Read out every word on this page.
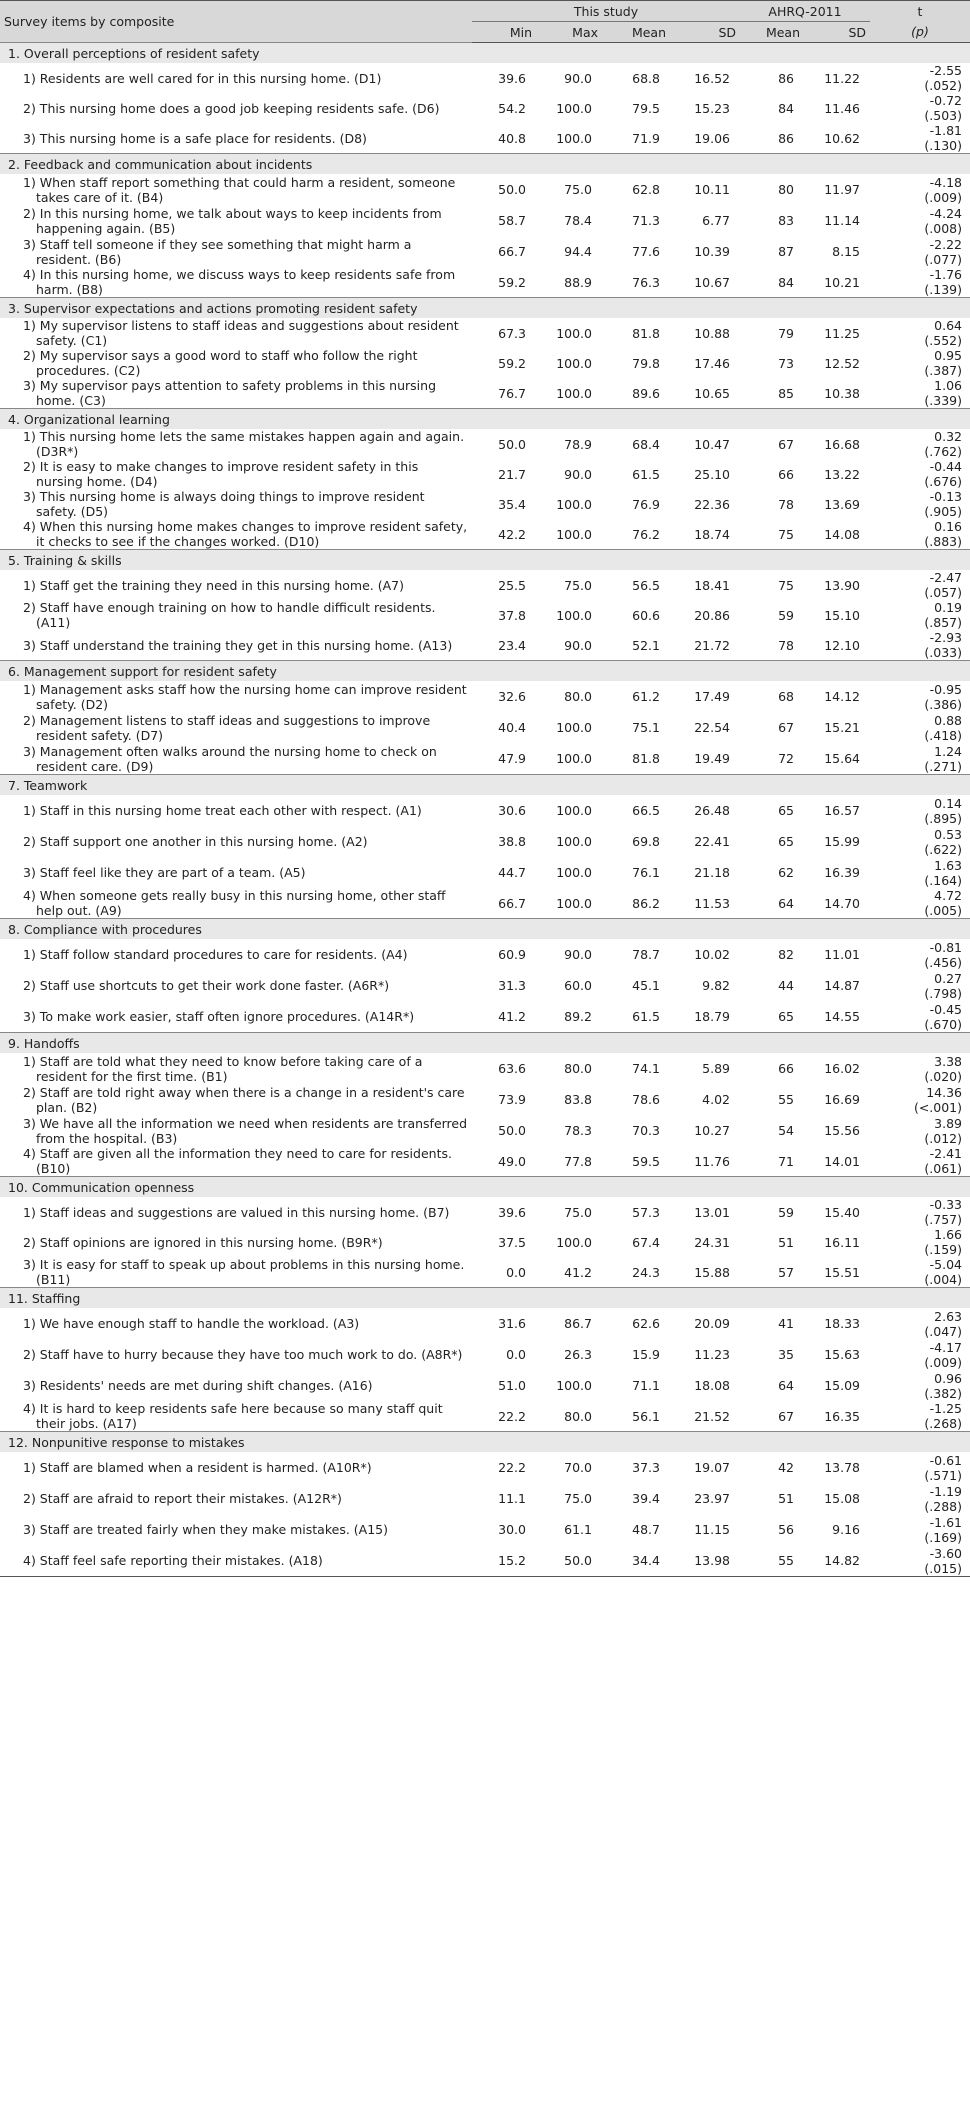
Survey items by composite	This study				AHRQ-2011		t
	Min	Max	Mean	SD	Mean	SD	(p)
1. Overall perceptions of resident safety							
1) Residents are well cared for in this nursing home. (D1)	39.6	90.0	68.8	16.52	86	11.22	-2.55
(.052)

2) This nursing home does a good job keeping residents safe. (D6)	54.2	100.0	79.5	15.23	84	11.46	-0.72
(.503)

3) This nursing home is a safe place for residents. (D8)	40.8	100.0	71.9	19.06	86	10.62	-1.81
(.130)

2. Feedback and communication about incidents							
1) When staff report something that could harm a resident, someone takes care of it. (B4)	50.0	75.0	62.8	10.11	80	11.97	-4.18
(.009)

2) In this nursing home, we talk about ways to keep incidents from happening again. (B5)	58.7	78.4	71.3	6.77	83	11.14	-4.24
(.008)

3) Staff tell someone if they see something that might harm a resident. (B6)	66.7	94.4	77.6	10.39	87	8.15	-2.22
(.077)

4) In this nursing home, we discuss ways to keep residents safe from harm. (B8)	59.2	88.9	76.3	10.67	84	10.21	-1.76
(.139)

3. Supervisor expectations and actions promoting resident safety							
1) My supervisor listens to staff ideas and suggestions about resident safety. (C1)	67.3	100.0	81.8	10.88	79	11.25	0.64
(.552)

2) My supervisor says a good word to staff who follow the right procedures. (C2)	59.2	100.0	79.8	17.46	73	12.52	0.95
(.387)

3) My supervisor pays attention to safety problems in this nursing home. (C3)	76.7	100.0	89.6	10.65	85	10.38	1.06
(.339)

4. Organizational learning							
1) This nursing home lets the same mistakes happen again and again. (D3R*)	50.0	78.9	68.4	10.47	67	16.68	0.32
(.762)

2) It is easy to make changes to improve resident safety in this nursing home. (D4)	21.7	90.0	61.5	25.10	66	13.22	-0.44
(.676)

3) This nursing home is always doing things to improve resident safety. (D5)	35.4	100.0	76.9	22.36	78	13.69	-0.13
(.905)

4) When this nursing home makes changes to improve resident safety, it checks to see if the changes worked. (D10)	42.2	100.0	76.2	18.74	75	14.08	0.16
(.883)

5. Training & skills							
1) Staff get the training they need in this nursing home. (A7)	25.5	75.0	56.5	18.41	75	13.90	-2.47
(.057)

2) Staff have enough training on how to handle difficult residents. (A11)	37.8	100.0	60.6	20.86	59	15.10	0.19
(.857)

3) Staff understand the training they get in this nursing home. (A13)	23.4	90.0	52.1	21.72	78	12.10	-2.93
(.033)

6. Management support for resident safety							
1) Management asks staff how the nursing home can improve resident safety. (D2)	32.6	80.0	61.2	17.49	68	14.12	-0.95
(.386)

2) Management listens to staff ideas and suggestions to improve resident safety. (D7)	40.4	100.0	75.1	22.54	67	15.21	0.88
(.418)

3) Management often walks around the nursing home to check on resident care. (D9)	47.9	100.0	81.8	19.49	72	15.64	1.24
(.271)

7. Teamwork							
1) Staff in this nursing home treat each other with respect. (A1)	30.6	100.0	66.5	26.48	65	16.57	0.14
(.895)

2) Staff support one another in this nursing home. (A2)	38.8	100.0	69.8	22.41	65	15.99	0.53
(.622)

3) Staff feel like they are part of a team. (A5)	44.7	100.0	76.1	21.18	62	16.39	1.63
(.164)

4) When someone gets really busy in this nursing home, other staff help out. (A9)	66.7	100.0	86.2	11.53	64	14.70	4.72
(.005)

8. Compliance with procedures							
1) Staff follow standard procedures to care for residents. (A4)	60.9	90.0	78.7	10.02	82	11.01	-0.81
(.456)

2) Staff use shortcuts to get their work done faster. (A6R*)	31.3	60.0	45.1	9.82	44	14.87	0.27
(.798)

3) To make work easier, staff often ignore procedures. (A14R*)	41.2	89.2	61.5	18.79	65	14.55	-0.45
(.670)

9. Handoffs							
1) Staff are told what they need to know before taking care of a resident for the first time. (B1)	63.6	80.0	74.1	5.89	66	16.02	3.38
(.020)

2) Staff are told right away when there is a change in a resident's care plan. (B2)	73.9	83.8	78.6	4.02	55	16.69	14.36
(<.001)

3) We have all the information we need when residents are transferred from the hospital. (B3)	50.0	78.3	70.3	10.27	54	15.56	3.89
(.012)

4) Staff are given all the information they need to care for residents. (B10)	49.0	77.8	59.5	11.76	71	14.01	-2.41
(.061)

10. Communication openness							
1) Staff ideas and suggestions are valued in this nursing home. (B7)	39.6	75.0	57.3	13.01	59	15.40	-0.33
(.757)

2) Staff opinions are ignored in this nursing home. (B9R*)	37.5	100.0	67.4	24.31	51	16.11	1.66
(.159)

3) It is easy for staff to speak up about problems in this nursing home. (B11)	0.0	41.2	24.3	15.88	57	15.51	-5.04
(.004)

11. Staffing							
1) We have enough staff to handle the workload. (A3)	31.6	86.7	62.6	20.09	41	18.33	2.63
(.047)

2) Staff have to hurry because they have too much work to do. (A8R*)	0.0	26.3	15.9	11.23	35	15.63	-4.17
(.009)

3) Residents' needs are met during shift changes. (A16)	51.0	100.0	71.1	18.08	64	15.09	0.96
(.382)

4) It is hard to keep residents safe here because so many staff quit their jobs. (A17)	22.2	80.0	56.1	21.52	67	16.35	-1.25
(.268)

12. Nonpunitive response to mistakes							
1) Staff are blamed when a resident is harmed. (A10R*)	22.2	70.0	37.3	19.07	42	13.78	-0.61
(.571)

2) Staff are afraid to report their mistakes. (A12R*)	11.1	75.0	39.4	23.97	51	15.08	-1.19
(.288)

3) Staff are treated fairly when they make mistakes. (A15)	30.0	61.1	48.7	11.15	56	9.16	-1.61
(.169)

4) Staff feel safe reporting their mistakes. (A18)	15.2	50.0	34.4	13.98	55	14.82	-3.60
(.015)
